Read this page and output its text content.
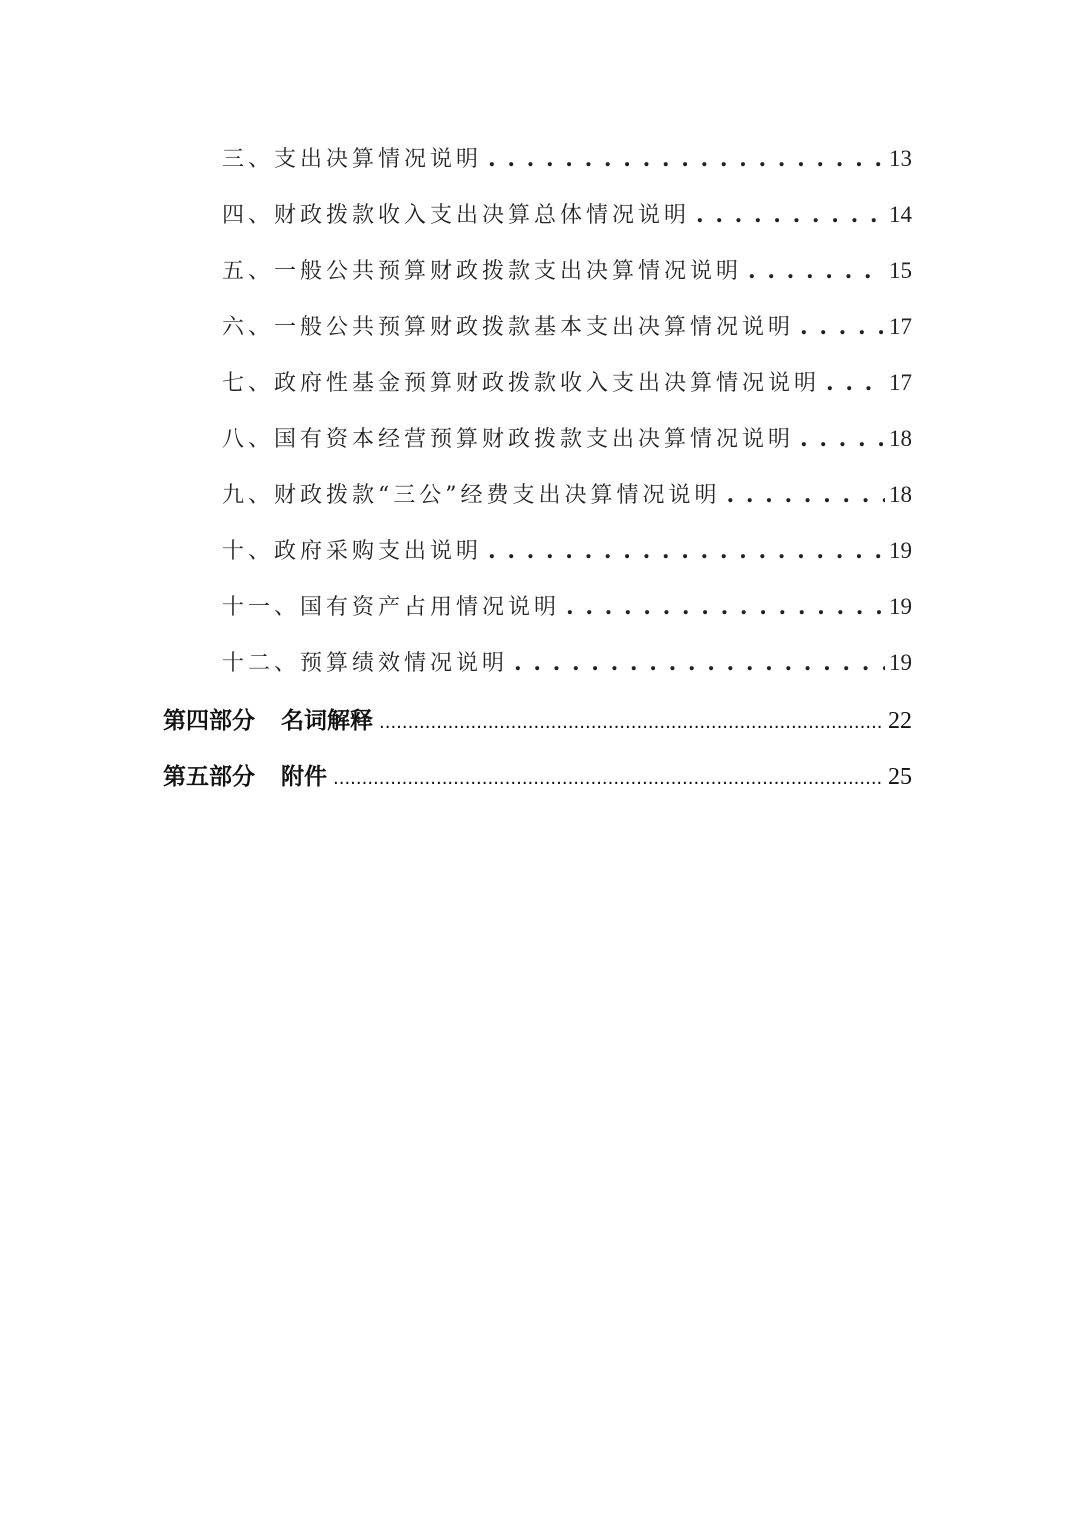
三、支出决算情况说明 . . .	13
四、财政拨款收入支出决算总体情况说明 . . .	14
五、一般公共预算财政拨款支出决算情况说明 . . .	15
六、一般公共预算财政拨款基本支出决算情况说明 . . .	17
七、政府性基金预算财政拨款收入支出决算情况说明 . . .	17
八、国有资本经营预算财政拨款支出决算情况说明 . . .	18
九、财政拨款“三公”经费支出决算情况说明 . . .	18
十、政府采购支出说明 . . .	19
十一、国有资产占用情况说明 . . .	19
十二、预算绩效情况说明 . . .	19
第四部分 名词解释 .....	22
第五部分 附件 .....	25
